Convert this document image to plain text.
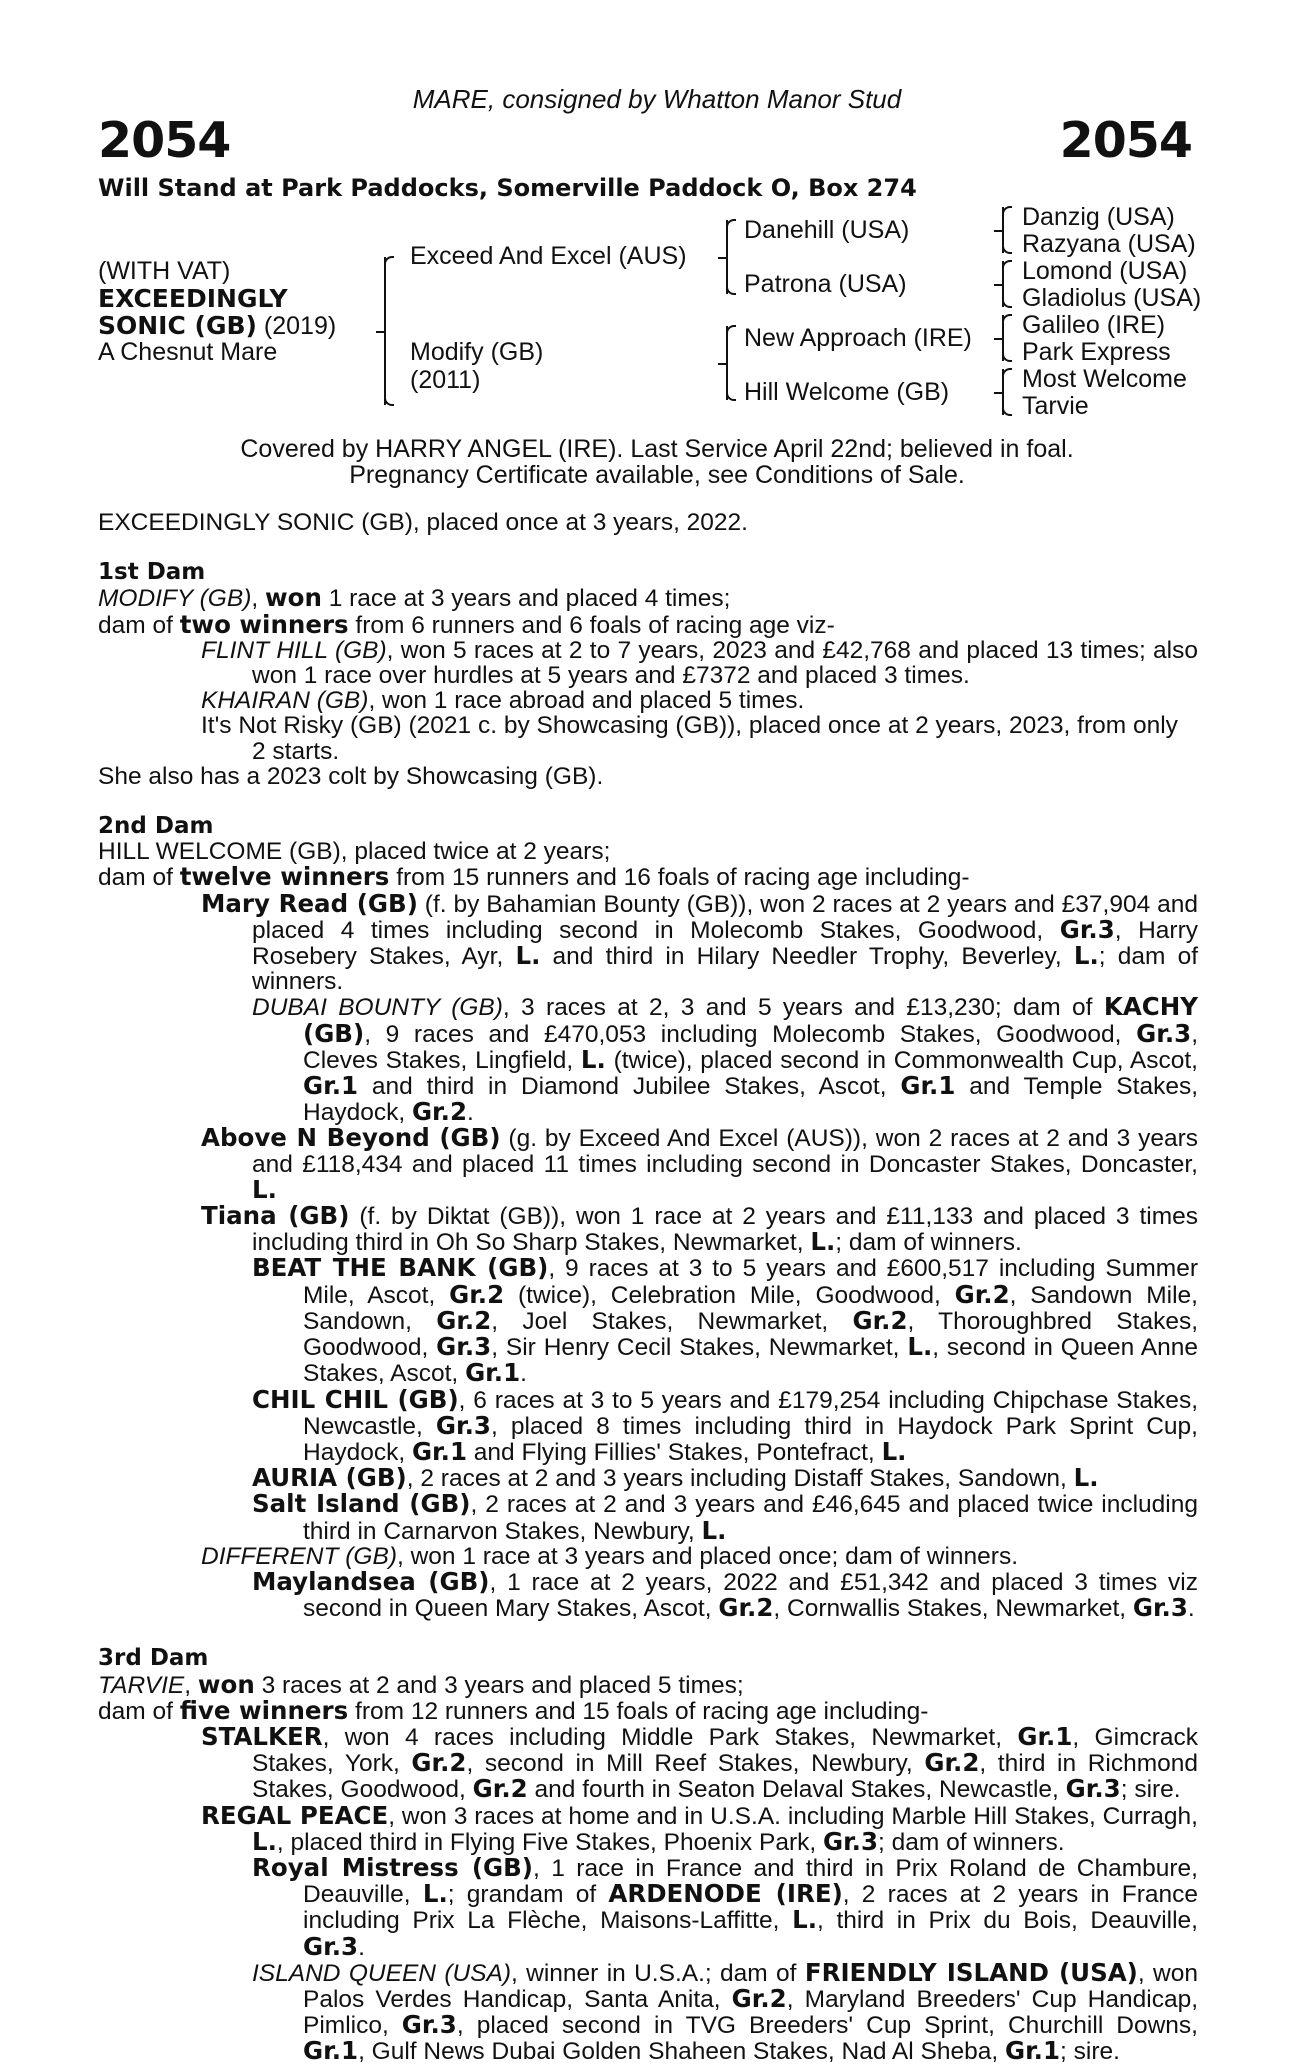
MARE, consigned by Whatton Manor Stud
2054	2054
Will Stand at Park Paddocks, Somerville Paddock O, Box 274
(WITH VAT)
EXCEEDINGLY
SONIC (GB) (2019)
A Chesnut Mare
Exceed And Excel (AUS)
Modify (GB)
(2011)
Danehill (USA)
Patrona (USA)
New Approach (IRE)
Hill Welcome (GB)
Danzig (USA)
Razyana (USA)
Lomond (USA)
Gladiolus (USA)
Galileo (IRE)
Park Express
Most Welcome
Tarvie
Covered by HARRY ANGEL (IRE). Last Service April 22nd; believed in foal.
Pregnancy Certificate available, see Conditions of Sale.

EXCEEDINGLY SONIC (GB), placed once at 3 years, 2022.

1st Dam

MODIFY (GB), won 1 race at 3 years and placed 4 times;

dam of two winners from 6 runners and 6 foals of racing age viz-

FLINT HILL (GB), won 5 races at 2 to 7 years, 2023 and £42,768 and placed 13 times; also won 1 race over hurdles at 5 years and £7372 and placed 3 times.

KHAIRAN (GB), won 1 race abroad and placed 5 times.

It's Not Risky (GB) (2021 c. by Showcasing (GB)), placed once at 2 years, 2023, from only 2 starts.

She also has a 2023 colt by Showcasing (GB).

2nd Dam

HILL WELCOME (GB), placed twice at 2 years;

dam of twelve winners from 15 runners and 16 foals of racing age including-

Mary Read (GB) (f. by Bahamian Bounty (GB)), won 2 races at 2 years and £37,904 and placed 4 times including second in Molecomb Stakes, Goodwood, Gr.3, Harry Rosebery Stakes, Ayr, L. and third in Hilary Needler Trophy, Beverley, L.; dam of winners.

DUBAI BOUNTY (GB), 3 races at 2, 3 and 5 years and £13,230; dam of KACHY (GB), 9 races and £470,053 including Molecomb Stakes, Goodwood, Gr.3, Cleves Stakes, Lingfield, L. (twice), placed second in Commonwealth Cup, Ascot, Gr.1 and third in Diamond Jubilee Stakes, Ascot, Gr.1 and Temple Stakes, Haydock, Gr.2.

Above N Beyond (GB) (g. by Exceed And Excel (AUS)), won 2 races at 2 and 3 years and £118,434 and placed 11 times including second in Doncaster Stakes, Doncaster, L.

Tiana (GB) (f. by Diktat (GB)), won 1 race at 2 years and £11,133 and placed 3 times including third in Oh So Sharp Stakes, Newmarket, L.; dam of winners.

BEAT THE BANK (GB), 9 races at 3 to 5 years and £600,517 including Summer Mile, Ascot, Gr.2 (twice), Celebration Mile, Goodwood, Gr.2, Sandown Mile, Sandown, Gr.2, Joel Stakes, Newmarket, Gr.2, Thoroughbred Stakes, Goodwood, Gr.3, Sir Henry Cecil Stakes, Newmarket, L., second in Queen Anne Stakes, Ascot, Gr.1.

CHIL CHIL (GB), 6 races at 3 to 5 years and £179,254 including Chipchase Stakes, Newcastle, Gr.3, placed 8 times including third in Haydock Park Sprint Cup, Haydock, Gr.1 and Flying Fillies' Stakes, Pontefract, L.

AURIA (GB), 2 races at 2 and 3 years including Distaff Stakes, Sandown, L.

Salt Island (GB), 2 races at 2 and 3 years and £46,645 and placed twice including third in Carnarvon Stakes, Newbury, L.

DIFFERENT (GB), won 1 race at 3 years and placed once; dam of winners.

Maylandsea (GB), 1 race at 2 years, 2022 and £51,342 and placed 3 times viz second in Queen Mary Stakes, Ascot, Gr.2, Cornwallis Stakes, Newmarket, Gr.3.

3rd Dam

TARVIE, won 3 races at 2 and 3 years and placed 5 times;

dam of five winners from 12 runners and 15 foals of racing age including-

STALKER, won 4 races including Middle Park Stakes, Newmarket, Gr.1, Gimcrack Stakes, York, Gr.2, second in Mill Reef Stakes, Newbury, Gr.2, third in Richmond Stakes, Goodwood, Gr.2 and fourth in Seaton Delaval Stakes, Newcastle, Gr.3; sire.

REGAL PEACE, won 3 races at home and in U.S.A. including Marble Hill Stakes, Curragh, L., placed third in Flying Five Stakes, Phoenix Park, Gr.3; dam of winners.

Royal Mistress (GB), 1 race in France and third in Prix Roland de Chambure, Deauville, L.; grandam of ARDENODE (IRE), 2 races at 2 years in France including Prix La Flèche, Maisons-Laffitte, L., third in Prix du Bois, Deauville, Gr.3.

ISLAND QUEEN (USA), winner in U.S.A.; dam of FRIENDLY ISLAND (USA), won Palos Verdes Handicap, Santa Anita, Gr.2, Maryland Breeders' Cup Handicap, Pimlico, Gr.3, placed second in TVG Breeders' Cup Sprint, Churchill Downs, Gr.1, Gulf News Dubai Golden Shaheen Stakes, Nad Al Sheba, Gr.1; sire.
